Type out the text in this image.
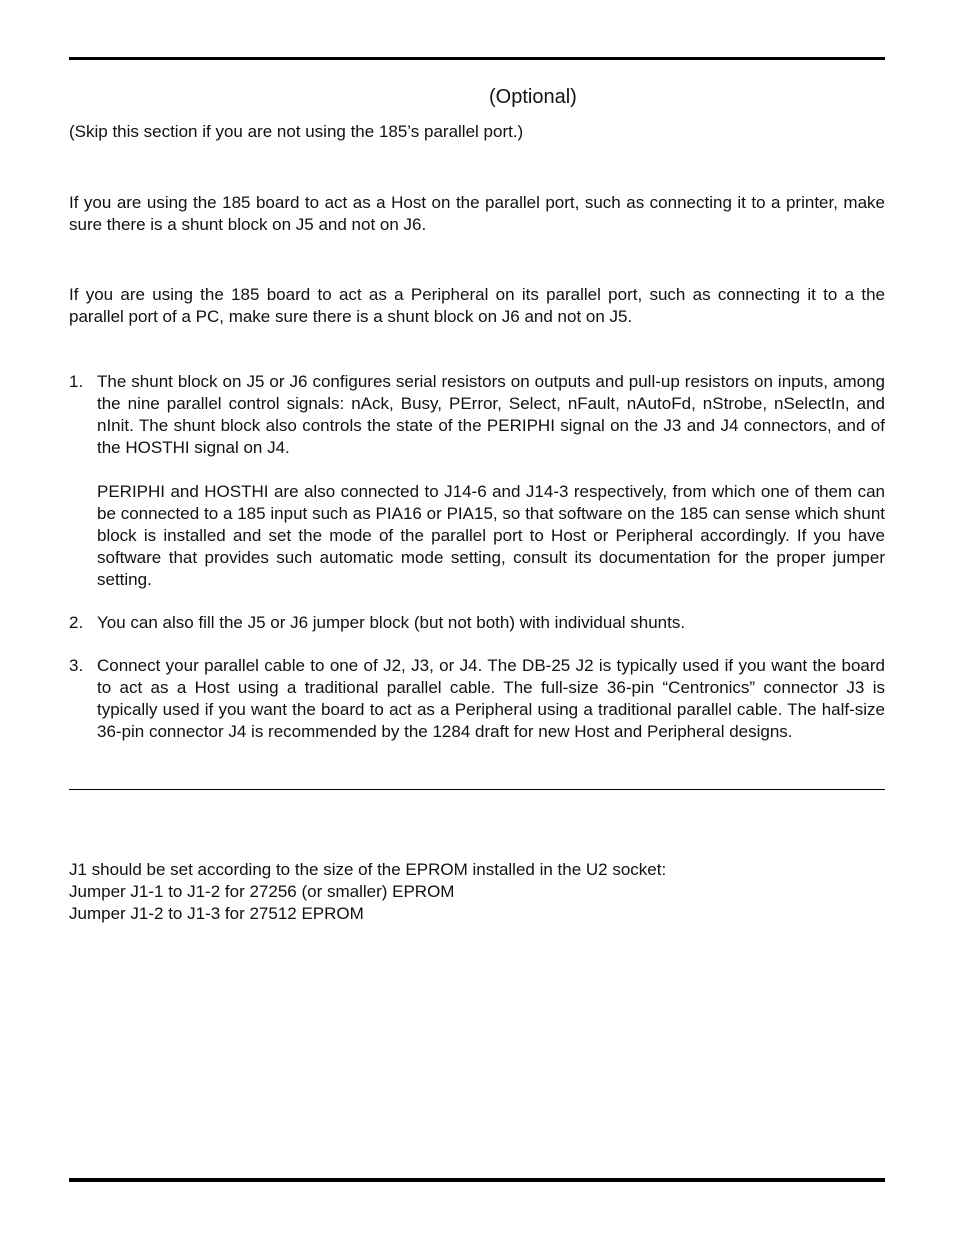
(Optional)

(Skip this section if you are not using the 185’s parallel port.)

If you are using the 185 board to act as a Host on the parallel port, such as connecting it to a printer, make sure there is a shunt block on J5 and not on J6.

If you are using the 185 board to act as a Peripheral on its parallel port, such as connecting it to a the parallel port of a PC, make sure there is a shunt block on J6 and not on J5.

1. The shunt block on J5 or J6 configures serial resistors on outputs and pull-up resistors on inputs, among the nine parallel control signals: nAck, Busy, PError, Select, nFault, nAutoFd, nStrobe, nSelectIn, and nInit. The shunt block also controls the state of the PERIPHI signal on the J3 and J4 connectors, and of the HOSTHI signal on J4.
PERIPHI and HOSTHI are also connected to J14-6 and J14-3 respectively, from which one of them can be connected to a 185 input such as PIA16 or PIA15, so that software on the 185 can sense which shunt block is installed and set the mode of the parallel port to Host or Peripheral accordingly. If you have software that provides such automatic mode setting, consult its documentation for the proper jumper setting.
2. You can also fill the J5 or J6 jumper block (but not both) with individual shunts.
3. Connect your parallel cable to one of J2, J3, or J4. The DB-25 J2 is typically used if you want the board to act as a Host using a traditional parallel cable. The full-size 36-pin “Centronics” connector J3 is typically used if you want the board to act as a Peripheral using a traditional parallel cable. The half-size 36-pin connector J4 is recommended by the 1284 draft for new Host and Peripheral designs.
J1 should be set according to the size of the EPROM installed in the U2 socket:
Jumper J1-1 to J1-2 for 27256 (or smaller) EPROM
Jumper J1-2 to J1-3 for 27512 EPROM
